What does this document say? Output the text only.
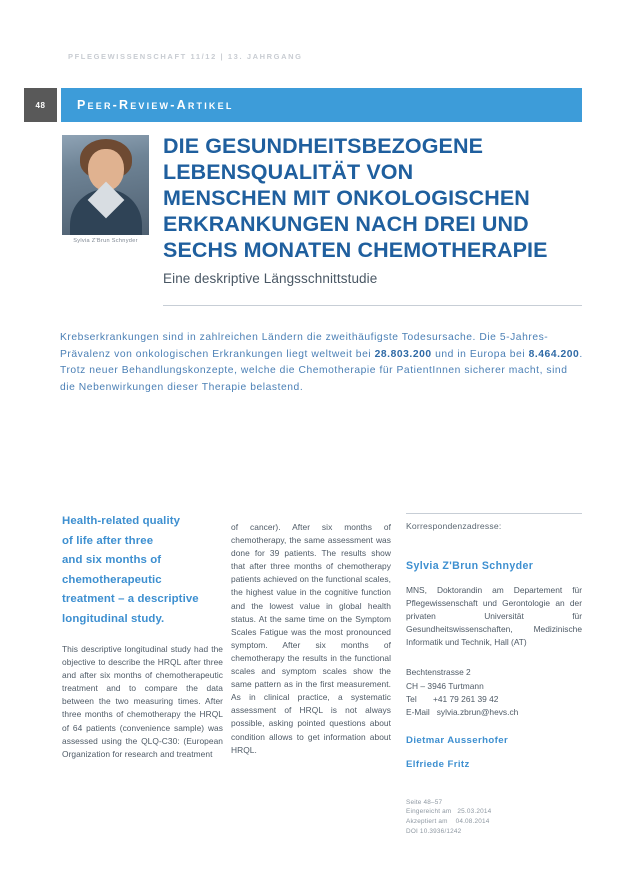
PFLEGEWISSENSCHAFT 11/12 | 13. JAHRGANG
48	Peer-Review-Artikel
Sylvia Z'Brun Schnyder
DIE GESUNDHEITSBEZOGENE
LEBENSQUALITÄT VON
MENSCHEN MIT ONKOLOGISCHEN
ERKRANKUNGEN NACH DREI UND
SECHS MONATEN CHEMOTHERAPIE
Eine deskriptive Längsschnittstudie
Krebserkrankungen sind in zahlreichen Ländern die zweithäufigste Todesursache. Die 5-Jahres-Prävalenz von onkologischen Erkrankungen liegt weltweit bei 28.803.200 und in Europa bei 8.464.200. Trotz neuer Behandlungskonzepte, welche die Chemotherapie für PatientInnen sicherer macht, sind die Nebenwirkungen dieser Therapie belastend.
Health-related quality
of life after three
and six months of
chemotherapeutic
treatment – a descriptive
longitudinal study.
This descriptive longitudinal study had the objective to describe the HRQL after three and after six months of chemotherapeutic treatment and to compare the data between the two measuring times. After three months of chemotherapy the HRQL of 64 patients (convenience sample) was assessed using the QLQ-C30: (European Organization for research and treatment
of cancer). After six months of chemotherapy, the same assessment was done for 39 patients. The results show that after three months of chemotherapy patients achieved on the functional scales, the highest value in the cognitive function and the lowest value in global health status. At the same time on the Symptom Scales Fatigue was the most pronounced symptom. After six months of chemotherapy the results in the functional scales and symptom scales show the same pattern as in the first measurement. As in clinical practice, a systematic assessment of HRQL is not always possible, asking pointed questions about condition allows to get information about HRQL.
Korrespondenzadresse:
Sylvia Z'Brun Schnyder
MNS, Doktorandin am Departement für Pflegewissenschaft und Gerontologie an der privaten Universität für Gesundheitswissenschaften, Medizinische Informatik und Technik, Hall (AT)
Bechtenstrasse 2
CH – 3946 Turtmann
Tel       +41 79 261 39 42
E-Mail   sylvia.zbrun@hevs.ch
Dietmar Ausserhofer
Elfriede Fritz
Seite 48–57
Eingereicht am   25.03.2014
Akzeptiert am    04.08.2014
DOI 10.3936/1242
